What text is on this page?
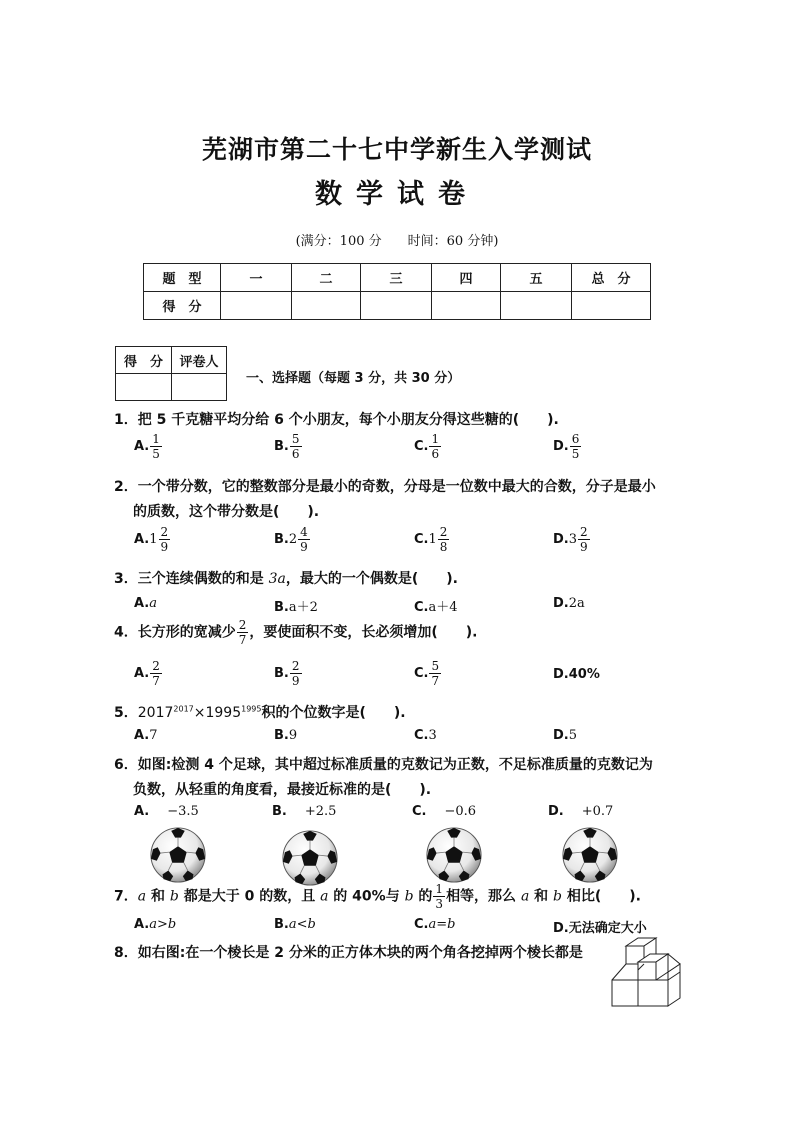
芜湖市第二十七中学新生入学测试
数学试卷
(满分：100 分 时间：60 分钟)
题　型	一	二	三	四	五	总　分
得　分						
得　分	评卷人

一、选择题（每题 3 分，共 30 分）
1．把 5 千克糖平均分给 6 个小朋友，每个小朋友分得这些糖的(　　).
A. $\frac{1}{5}$	B. $\frac{5}{6}$	C. $\frac{1}{6}$	D. $\frac{6}{5}$
2．一个带分数，它的整数部分是最小的奇数，分母是一位数中最大的合数，分子是最小
的质数，这个带分数是(　　).
A. $1 \frac{2}{9}$	B. $2 \frac{4}{9}$	C. $1 \frac{2}{8}$	D. $3 \frac{2}{9}$
3．三个连续偶数的和是 3a，最大的一个偶数是(　　).
A.a	B.a＋2	C.a＋4	D.2a
4．长方形的宽减少 $\frac{2}{7}$ ，要使面积不变，长必须增加(　　).
A. $\frac{2}{7}$	B. $\frac{2}{9}$	C. $\frac{5}{7}$	D.40%
5．$2017^{2017}\times 1995^{1995}$积的个位数字是(　　).
A.7	B.9	C.3	D.5
6．如图:检测 4 个足球，其中超过标准质量的克数记为正数，不足标准质量的克数记为
负数，从轻重的角度看，最接近标准的是(　　).
A. −3.5	B. +2.5	C. −0.6	D. +0.7
7．a 和 b 都是大于 0 的数，且 a 的 40%与 b 的 $\frac{1}{3}$ 相等，那么 a 和 b 相比(　　).
A.a>b	B.a<b	C.a=b	D.无法确定大小
8．如右图:在一个棱长是 2 分米的正方体木块的两个角各挖掉两个棱长都是
